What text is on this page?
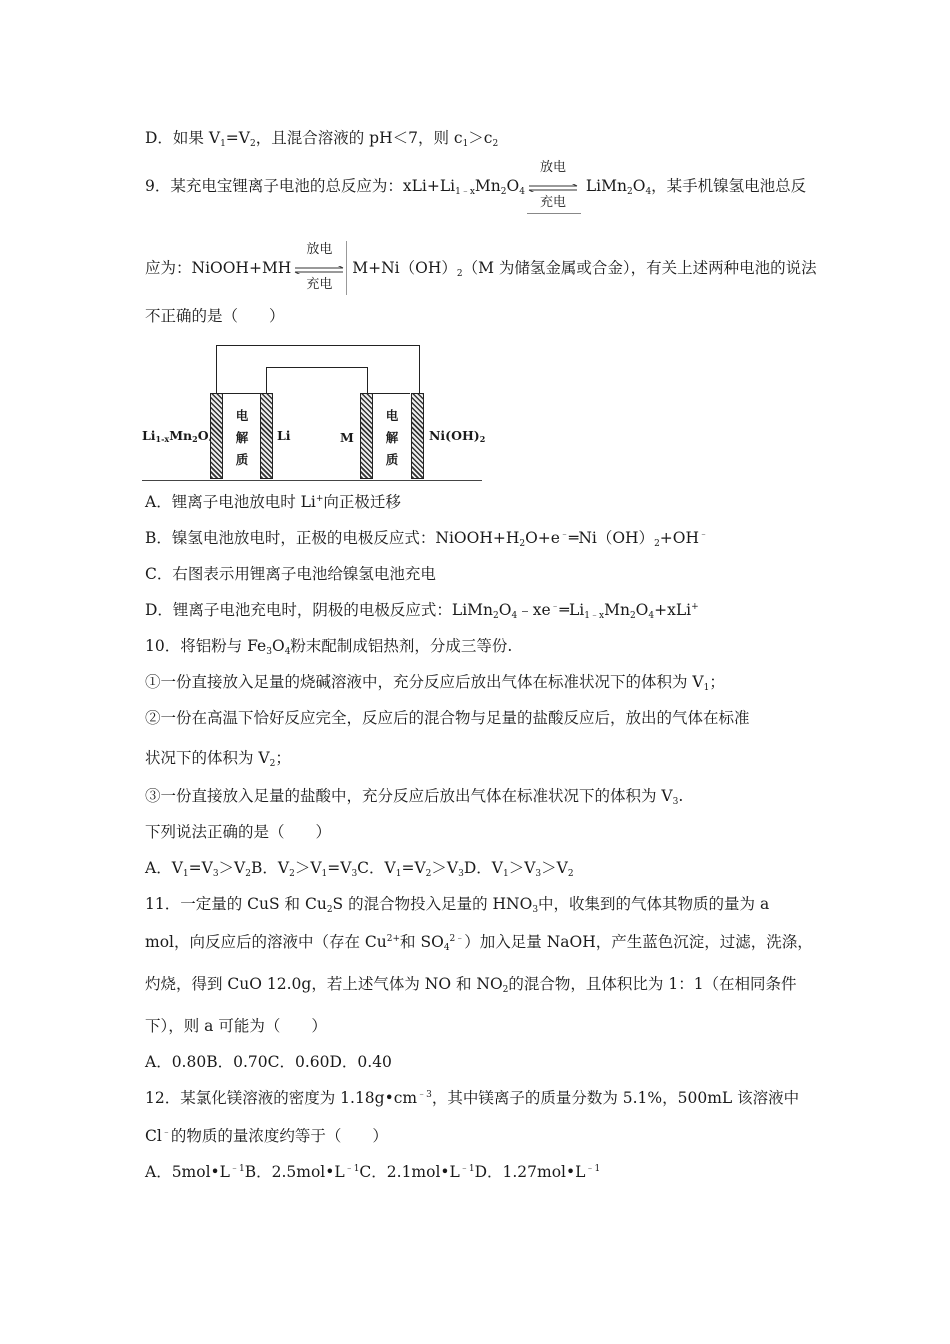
D．如果 $V_1=V_2$，且混合溶液的 pH＜7，则 $c_1>c_2$
9．某充电宝锂离子电池的总反应为：$xLi+Li_{1﹣x}Mn_2O_4$
放电
充电
$LiMn_2O_4$，某手机镍氢电池总反
应为：NiOOH+MH
放电
充电
$M+Ni(OH)_2(M$ 为储氢金属或合金），有关上述两种电池的说法
不正确的是（　　）
$Li_{1-x}Mn_2O$
电解质
Li	M
电解质
$Ni(OH)_2$
A．锂离子电池放电时 Li+向正极迁移
B．镍氢电池放电时，正极的电极反应式：$NiOOH+H_2O+e^﹣═Ni(OH)_2+OH^﹣$
C．右图表示用锂离子电池给镍氢电池充电
D．锂离子电池充电时，阴极的电极反应式：$LiMn_2O_4﹣xe^﹣═Li_{1﹣x}Mn_2O_4+xLi^+$
10．将铝粉与 $Fe_3O_4$粉末配制成铝热剂，分成三等份.
①一份直接放入足量的烧碱溶液中，充分反应后放出气体在标准状况下的体积为 $V_1$；
②一份在高温下恰好反应完全，反应后的混合物与足量的盐酸反应后，放出的气体在标准
状况下的体积为 $V_2$；
③一份直接放入足量的盐酸中，充分反应后放出气体在标准状况下的体积为 $V_3$.
下列说法正确的是（　　）
A．$V_1=V_3>V_2B$．$V_2>V_1=V_3C$．$V_1=V_2>V_3D$．$V_1>V_3>V_2$
11．一定量的 CuS 和 $Cu_2S$ 的混合物投入足量的 $HNO_3$中，收集到的气体其物质的量为 a
mol，向反应后的溶液中（存在 $Cu^{2+}$和 $SO_4^{2﹣}$）加入足量 NaOH，产生蓝色沉淀，过滤，洗涤，
灼烧，得到 CuO 12.0g，若上述气体为 NO 和 $NO_2$的混合物，且体积比为 1：1（在相同条件
下），则 a 可能为（　　）
A．0.80B．0.70C．0.60D．0.40
12．某氯化镁溶液的密度为 $1.18g•cm^{﹣3}$，其中镁离子的质量分数为 5.1%，500mL 该溶液中
Cl﹣的物质的量浓度约等于（　　）
A．$5mol•L^{﹣1}B$．$2.5mol•L^{﹣1}C$．$2.1mol•L^{﹣1}D$．$1.27mol•L^{﹣1}$
